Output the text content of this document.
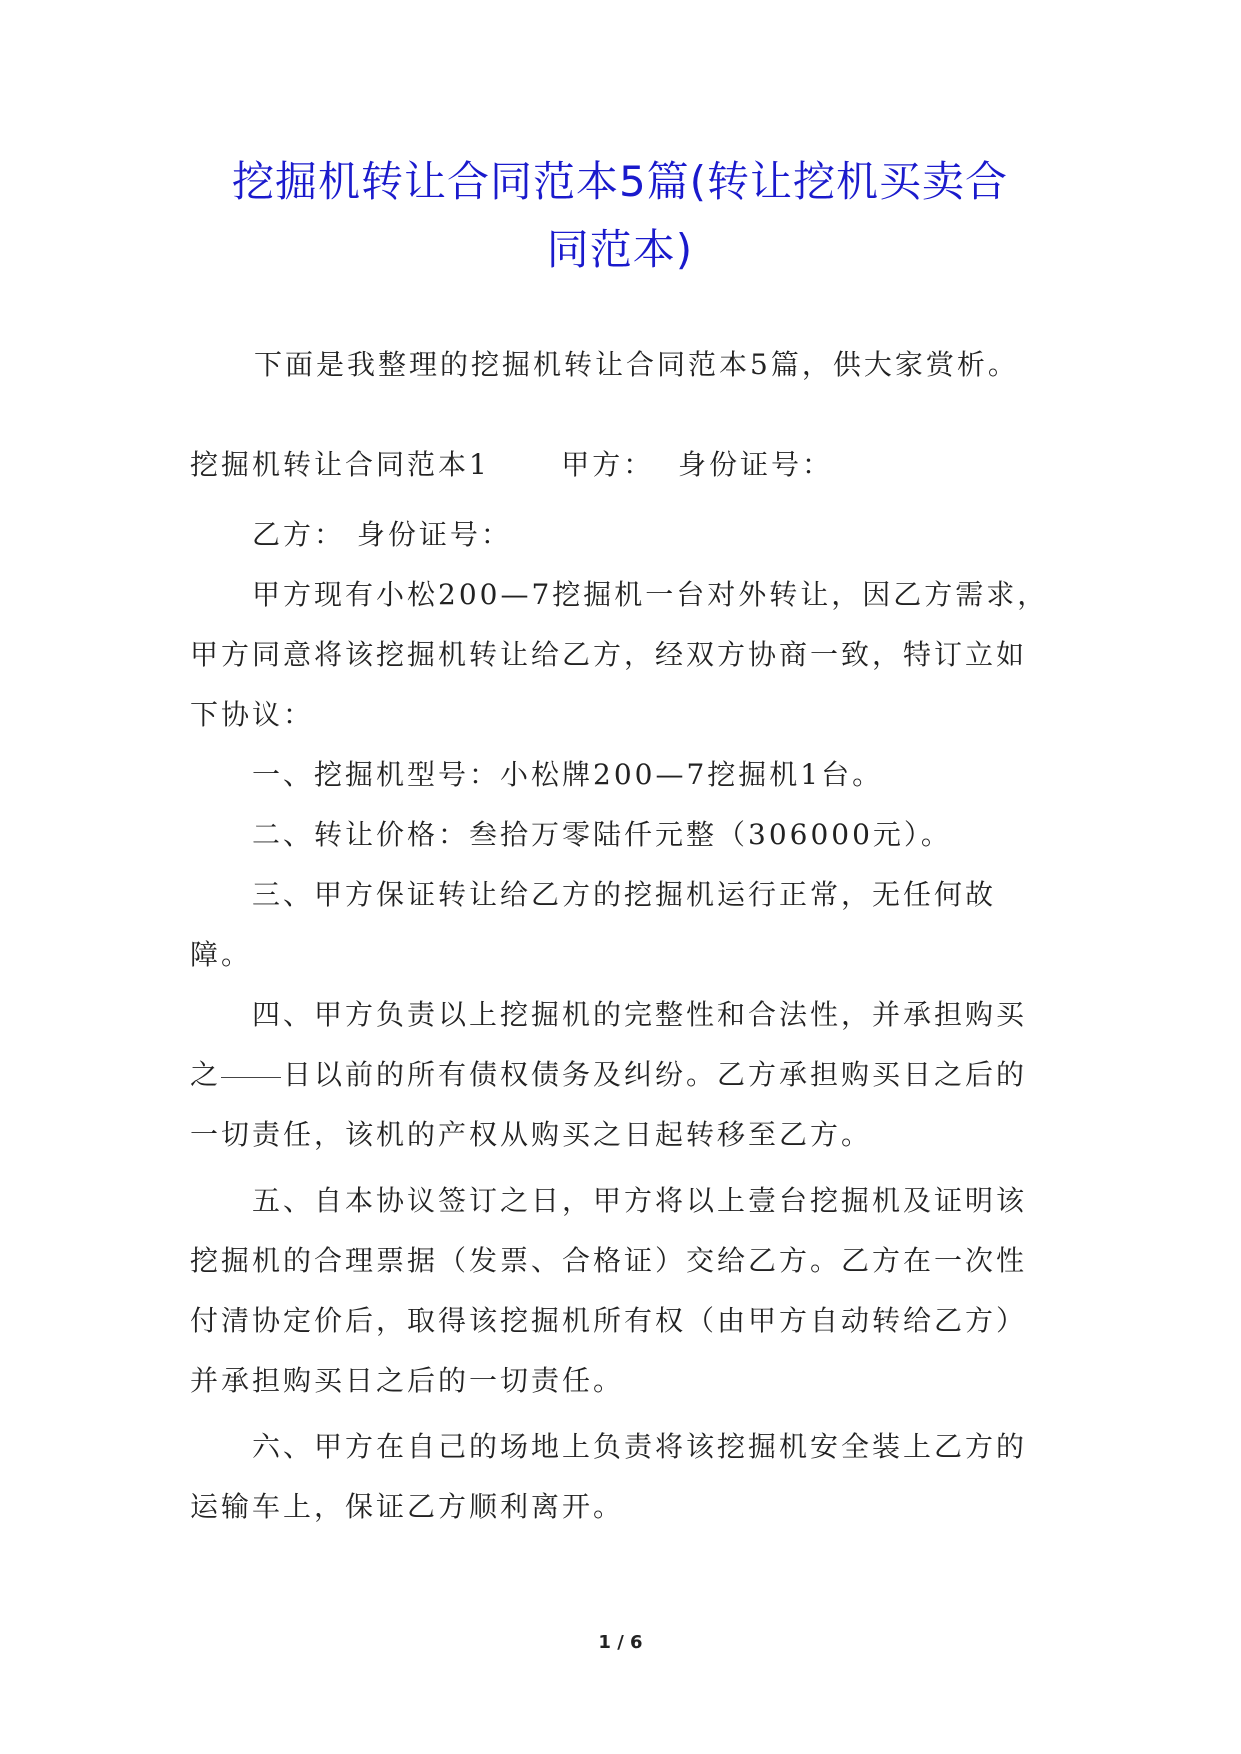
挖掘机转让合同范本5篇(转让挖机买卖合
同范本)

下面是我整理的挖掘机转让合同范本5篇，供大家赏析。

挖掘机转让合同范本1	甲方：  身份证号：

乙方： 身份证号：

甲方现有小松200—7挖掘机一台对外转让，因乙方需求，甲方同意将该挖掘机转让给乙方，经双方协商一致，特订立如下协议：

一、挖掘机型号：小松牌200—7挖掘机1台。

二、转让价格：叁拾万零陆仟元整（306000元）。

三、甲方保证转让给乙方的挖掘机运行正常，无任何故障。

四、甲方负责以上挖掘机的完整性和合法性，并承担购买之 日以前的所有债权债务及纠纷。乙方承担购买日之后的一切责任，该机的产权从购买之日起转移至乙方。

五、自本协议签订之日，甲方将以上壹台挖掘机及证明该挖掘机的合理票据（发票、合格证）交给乙方。乙方在一次性付清协定价后，取得该挖掘机所有权（由甲方自动转给乙方）并承担购买日之后的一切责任。

六、甲方在自己的场地上负责将该挖掘机安全装上乙方的运输车上，保证乙方顺利离开。

1 / 6
